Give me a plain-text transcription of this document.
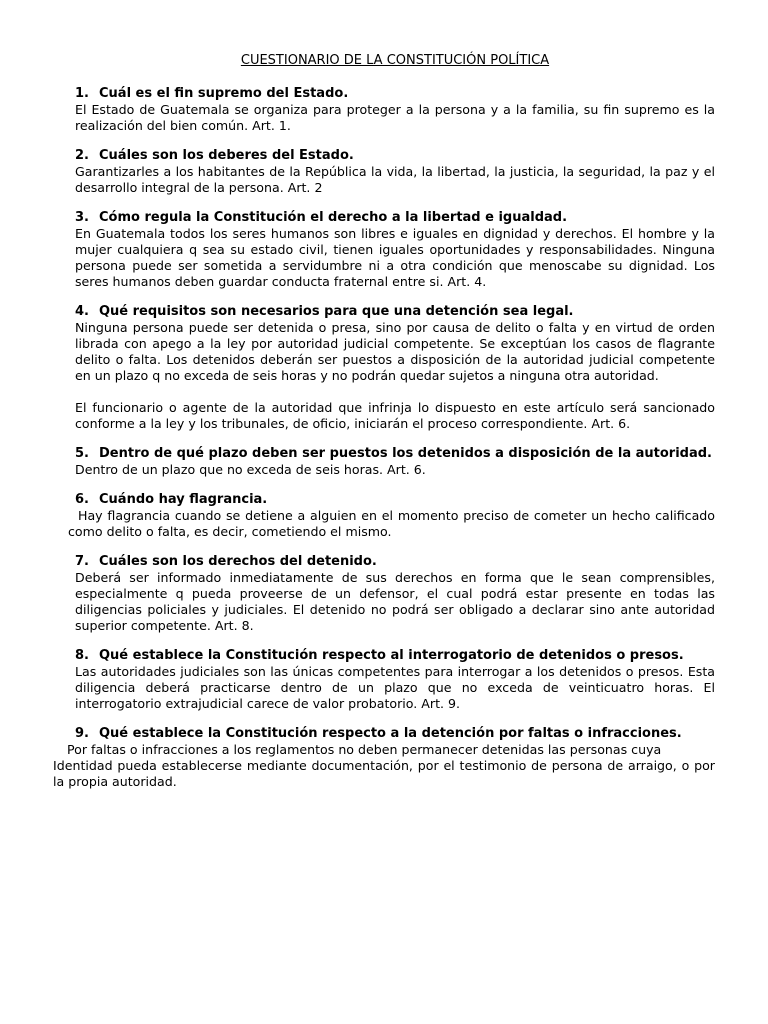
CUESTIONARIO DE LA CONSTITUCIÓN POLÍTICA
1. Cuál es el fin supremo del Estado.

El Estado de Guatemala se organiza para proteger a la persona y a la familia, su fin supremo es la realización del bien común. Art. 1.

2. Cuáles son los deberes del Estado.

Garantizarles a los habitantes de la República la vida, la libertad, la justicia, la seguridad, la paz y el desarrollo integral de la persona. Art. 2

3. Cómo regula la Constitución el derecho a la libertad e igualdad.

En Guatemala todos los seres humanos son libres e iguales en dignidad y derechos. El hombre y la mujer cualquiera q sea su estado civil, tienen iguales oportunidades y responsabilidades. Ninguna persona puede ser sometida a servidumbre ni a otra condición que menoscabe su dignidad. Los seres humanos deben guardar conducta fraternal entre si. Art. 4.

4. Qué requisitos son necesarios para que una detención sea legal.

Ninguna persona puede ser detenida o presa, sino por causa de delito o falta y en virtud de orden librada con apego a la ley por autoridad judicial competente. Se exceptúan los casos de flagrante delito o falta. Los detenidos deberán ser puestos a disposición de la autoridad judicial competente en un plazo q no exceda de seis horas y no podrán quedar sujetos a ninguna otra autoridad.

El funcionario o agente de la autoridad que infrinja lo dispuesto en este artículo será sancionado conforme a la ley y los tribunales, de oficio, iniciarán el proceso correspondiente. Art. 6.

5. Dentro de qué plazo deben ser puestos los detenidos a disposición de la autoridad.

Dentro de un plazo que no exceda de seis horas. Art. 6.

6. Cuándo hay flagrancia.

Hay flagrancia cuando se detiene a alguien en el momento preciso de cometer un hecho calificado como delito o falta, es decir, cometiendo el mismo.

7. Cuáles son los derechos del detenido.

Deberá ser informado inmediatamente de sus derechos en forma que le sean comprensibles, especialmente q pueda proveerse de un defensor, el cual podrá estar presente en todas las diligencias policiales y judiciales. El detenido no podrá ser obligado a declarar sino ante autoridad superior competente. Art. 8.

8. Qué establece la Constitución respecto al interrogatorio de detenidos o presos.

Las autoridades judiciales son las únicas competentes para interrogar a los detenidos o presos. Esta diligencia deberá practicarse dentro de un plazo que no exceda de veinticuatro horas. El interrogatorio extrajudicial carece de valor probatorio. Art. 9.

9. Qué establece la Constitución respecto a la detención por faltas o infracciones.

Por faltas o infracciones a los reglamentos no deben permanecer detenidas las personas cuya

Identidad pueda establecerse mediante documentación, por el testimonio de persona de arraigo, o por la propia autoridad.
